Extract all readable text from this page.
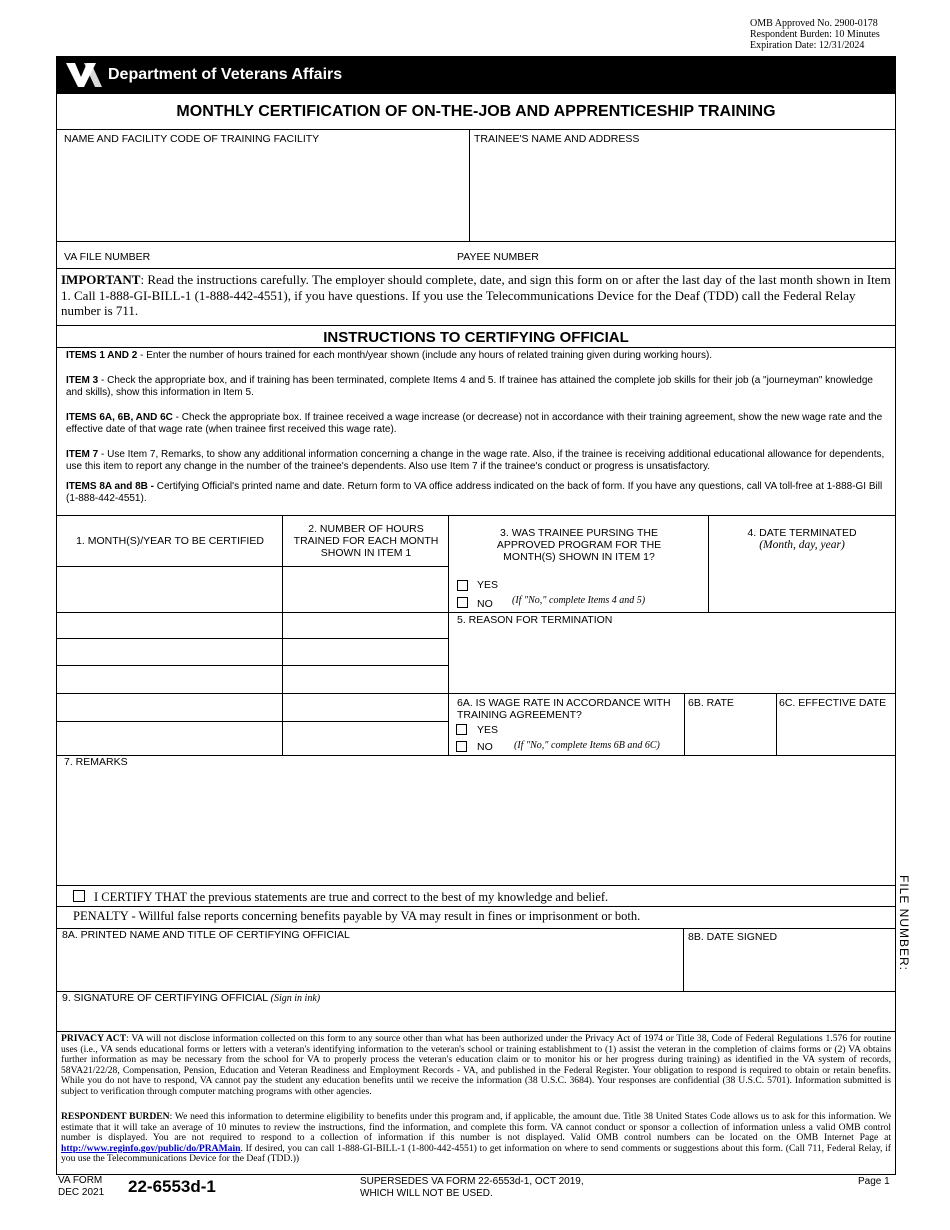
OMB Approved No. 2900-0178
Respondent Burden: 10 Minutes
Expiration Date: 12/31/2024
Department of Veterans Affairs
MONTHLY CERTIFICATION OF ON-THE-JOB AND APPRENTICESHIP TRAINING
NAME AND FACILITY CODE OF TRAINING FACILITY	TRAINEE'S NAME AND ADDRESS
VA FILE NUMBER	PAYEE NUMBER
IMPORTANT: Read the instructions carefully. The employer should complete, date, and sign this form on or after the last day of the last month shown in Item 1. Call 1-888-GI-BILL-1 (1-888-442-4551), if you have questions. If you use the Telecommunications Device for the Deaf (TDD) call the Federal Relay number is 711.
INSTRUCTIONS TO CERTIFYING OFFICIAL
ITEMS 1 AND 2 - Enter the number of hours trained for each month/year shown (include any hours of related training given during working hours).
ITEM 3 - Check the appropriate box, and if training has been terminated, complete Items 4 and 5. If trainee has attained the complete job skills for their job (a "journeyman" knowledge and skills), show this information in Item 5.
ITEMS 6A, 6B, AND 6C - Check the appropriate box. If trainee received a wage increase (or decrease) not in accordance with their training agreement, show the new wage rate and the effective date of that wage rate (when trainee first received this wage rate).
ITEM 7 - Use Item 7, Remarks, to show any additional information concerning a change in the wage rate. Also, if the trainee is receiving additional educational allowance for dependents, use this item to report any change in the number of the trainee's dependents. Also use Item 7 if the trainee's conduct or progress is unsatisfactory.
ITEMS 8A and 8B - Certifying Official's printed name and date. Return form to VA office address indicated on the back of form. If you have any questions, call VA toll-free at 1-888-GI Bill (1-888-442-4551).
1. MONTH(S)/YEAR TO BE CERTIFIED
2. NUMBER OF HOURS TRAINED FOR EACH MONTH SHOWN IN ITEM 1
3. WAS TRAINEE PURSING THE APPROVED PROGRAM FOR THE MONTH(S) SHOWN IN ITEM 1?
4. DATE TERMINATED
(Month, day, year)
YES
NO (If "No," complete Items 4 and 5)
5. REASON FOR TERMINATION
6A. IS WAGE RATE IN ACCORDANCE WITH TRAINING AGREEMENT?
6B. RATE	6C. EFFECTIVE DATE
YES
NO (If "No," complete Items 6B and 6C)
7. REMARKS
I CERTIFY THAT the previous statements are true and correct to the best of my knowledge and belief.
PENALTY - Willful false reports concerning benefits payable by VA may result in fines or imprisonment or both.
8A. PRINTED NAME AND TITLE OF CERTIFYING OFFICIAL	8B. DATE SIGNED
9. SIGNATURE OF CERTIFYING OFFICIAL (Sign in ink)
PRIVACY ACT: VA will not disclose information collected on this form to any source other than what has been authorized under the Privacy Act of 1974 or Title 38, Code of Federal Regulations 1.576 for routine uses (i.e., VA sends educational forms or letters with a veteran's identifying information to the veteran's school or training establishment to (1) assist the veteran in the completion of claims forms or (2) VA obtains further information as may be necessary from the school for VA to properly process the veteran's education claim or to monitor his or her progress during training) as identified in the VA system of records, 58VA21/22/28, Compensation, Pension, Education and Veteran Readiness and Employment Records - VA, and published in the Federal Register. Your obligation to respond is required to obtain or retain benefits. While you do not have to respond, VA cannot pay the student any education benefits until we receive the information (38 U.S.C. 3684). Your responses are confidential (38 U.S.C. 5701). Information submitted is subject to verification through computer matching programs with other agencies.
RESPONDENT BURDEN: We need this information to determine eligibility to benefits under this program and, if applicable, the amount due. Title 38 United States Code allows us to ask for this information. We estimate that it will take an average of 10 minutes to review the instructions, find the information, and complete this form. VA cannot conduct or sponsor a collection of information unless a valid OMB control number is displayed. You are not required to respond to a collection of information if this number is not displayed. Valid OMB control numbers can be located on the OMB Internet Page at http://www.reginfo.gov/public/do/PRAMain. If desired, you can call 1-888-GI-BILL-1 (1-800-442-4551) to get information on where to send comments or suggestions about this form. (Call 711, Federal Relay, if you use the Telecommunications Device for the Deaf (TDD.))
VA FORM
DEC 2021 22-6553d-1	SUPERSEDES VA FORM 22-6553d-1, OCT 2019,
WHICH WILL NOT BE USED.
Page 1
FILE NUMBER:
